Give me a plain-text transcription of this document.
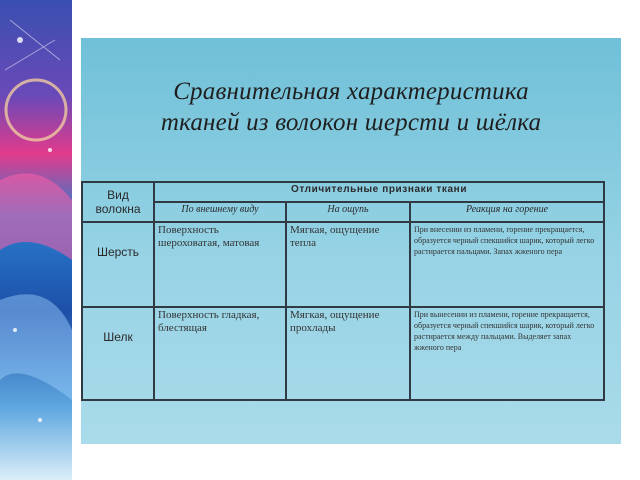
Сравнительная характеристика
тканей из волокон шерсти и шёлка
Вид
волокна	Отличительные признаки ткани		
	По внешнему виду	На ощупь	Реакция на горение
Шерсть	Поверхность шероховатая, матовая	Мягкая, ощущение тепла	При внесении из пламени, горение прекращается, образуется черный спекшийся шарик, который легко растирается пальцами. Запах жженого пера
Шелк	Поверхность гладкая, блестящая	Мягкая, ощущение прохлады	При вынесении из пламени, горение прекращается, образуется черный спекшийся шарик, который легко растирается между пальцами. Выделяет запах жженого пера
